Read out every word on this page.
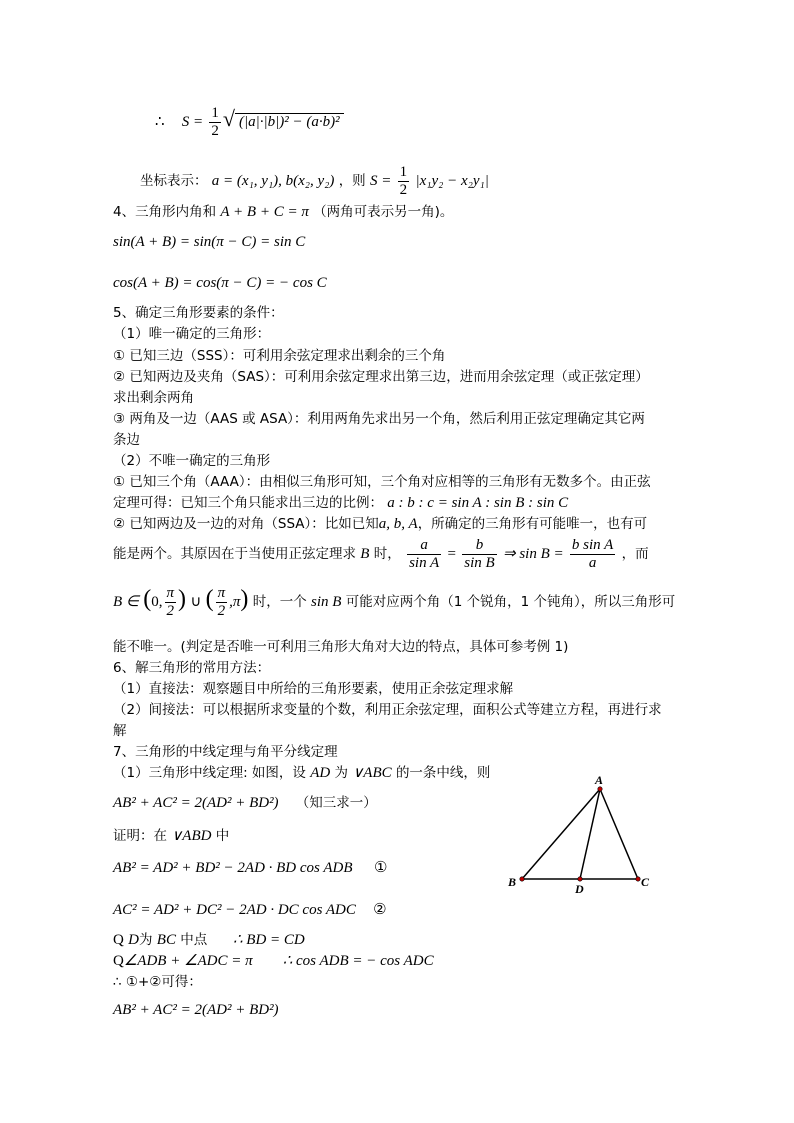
∴ $S = \frac{1}{2}$ √ (|a|·|b|)² − (a·b)²
坐标表示： a = (x₁, y₁), b(x₂, y₂) ，则 $S = \frac{1}{2} |x_1y_2 - x_2y_1|$
4、三角形内角和 A + B + C = π （两角可表示另一角)。
sin(A + B) = sin(π − C) = sin C
cos(A + B) = cos(π − C) = − cos C
5、确定三角形要素的条件：
（1）唯一确定的三角形：
① 已知三边（SSS）：可利用余弦定理求出剩余的三个角
② 已知两边及夹角（SAS）：可利用余弦定理求出第三边，进而用余弦定理（或正弦定理）
求出剩余两角
③ 两角及一边（AAS 或 ASA）：利用两角先求出另一个角，然后利用正弦定理确定其它两
条边
（2）不唯一确定的三角形
① 已知三个角（AAA）：由相似三角形可知，三个角对应相等的三角形有无数多个。由正弦
定理可得：已知三个角只能求出三边的比例： a : b : c = sin A : sin B : sin C
② 已知两边及一边的对角（SSA）：比如已知a, b, A，所确定的三角形有可能唯一，也有可
能是两个。其原因在于当使用正弦定理求 B 时， $\frac{a}{\text{sin A}} = \frac{b}{\text{sin B}}$ ⇒ $\sin B = \frac{\text{b sin A}}{a}$ ，而
B ∈ (0, $\frac{\pi}{2}$ ) ∪ ( $\frac{\pi}{2} ,\pi$) 时，一个 sin B 可能对应两个角（1 个锐角，1 个钝角），所以三角形可
能不唯一。(判定是否唯一可利用三角形大角对大边的特点，具体可参考例 1)
6、解三角形的常用方法：
（1）直接法：观察题目中所给的三角形要素，使用正余弦定理求解
（2）间接法：可以根据所求变量的个数，利用正余弦定理，面积公式等建立方程，再进行求
解
7、三角形的中线定理与角平分线定理
（1）三角形中线定理: 如图，设 AD 为 ∨ABC 的一条中线，则
AB² + AC² = 2(AD² + BD²) （知三求一）
证明：在 ∨ABD 中
AB² = AD² + BD² − 2AD · BD cos ADB ①
AC² = AD² + DC² − 2AD · DC cos ADC ②
Q D为 BC 中点 ∴ BD = CD
Q∠ADB + ∠ADC = π ∴ cos ADB = − cos ADC
∴ ①+②可得：
AB² + AC² = 2(AD² + BD²)
A
B	C
D
